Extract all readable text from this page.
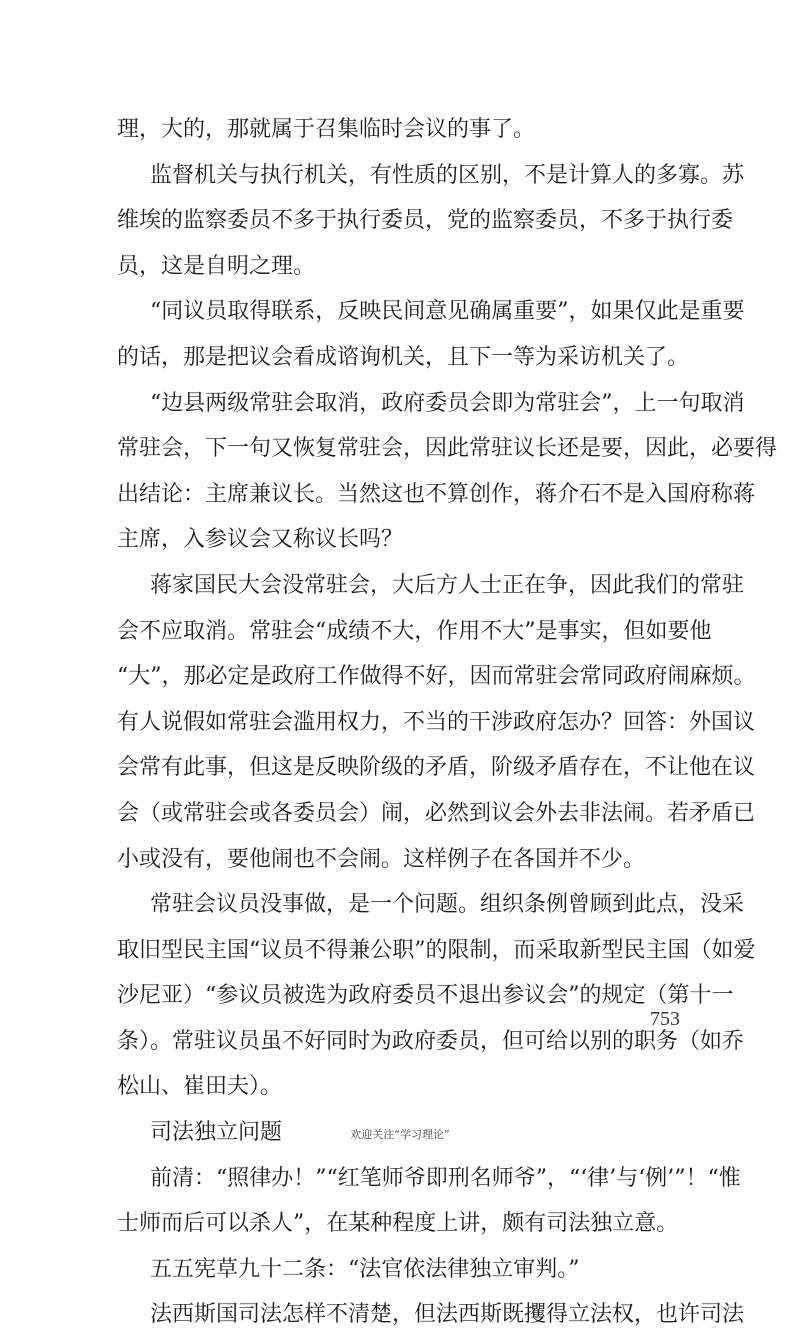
理，大的，那就属于召集临时会议的事了。
监督机关与执行机关，有性质的区别，不是计算人的多寡。苏
维埃的监察委员不多于执行委员，党的监察委员，不多于执行委
员，这是自明之理。
“同议员取得联系，反映民间意见确属重要”，如果仅此是重要
的话，那是把议会看成谘询机关，且下一等为采访机关了。
“边县两级常驻会取消，政府委员会即为常驻会”，上一句取消
常驻会，下一句又恢复常驻会，因此常驻议长还是要，因此，必要得
出结论：主席兼议长。当然这也不算创作，蒋介石不是入国府称蒋
主席，入参议会又称议长吗？
蒋家国民大会没常驻会，大后方人士正在争，因此我们的常驻
会不应取消。常驻会“成绩不大，作用不大”是事实，但如要他
“大”，那必定是政府工作做得不好，因而常驻会常同政府闹麻烦。
有人说假如常驻会滥用权力，不当的干涉政府怎办？回答：外国议
会常有此事，但这是反映阶级的矛盾，阶级矛盾存在，不让他在议
会（或常驻会或各委员会）闹，必然到议会外去非法闹。若矛盾已
小或没有，要他闹也不会闹。这样例子在各国并不少。
常驻会议员没事做，是一个问题。组织条例曾顾到此点，没采
取旧型民主国“议员不得兼公职”的限制，而采取新型民主国（如爱
沙尼亚）“参议员被选为政府委员不退出参议会”的规定（第十一
条）。常驻议员虽不好同时为政府委员，但可给以别的职务（如乔
松山、崔田夫）。
司法独立问题
前清：“照律办！”“红笔师爷即刑名师爷”，“‘律’与‘例’”！“惟
士师而后可以杀人”，在某种程度上讲，颇有司法独立意。
五五宪草九十二条：“法官依法律独立审判。”
法西斯国司法怎样不清楚，但法西斯既攫得立法权，也许司法
753
欢迎关注“学习理论”
